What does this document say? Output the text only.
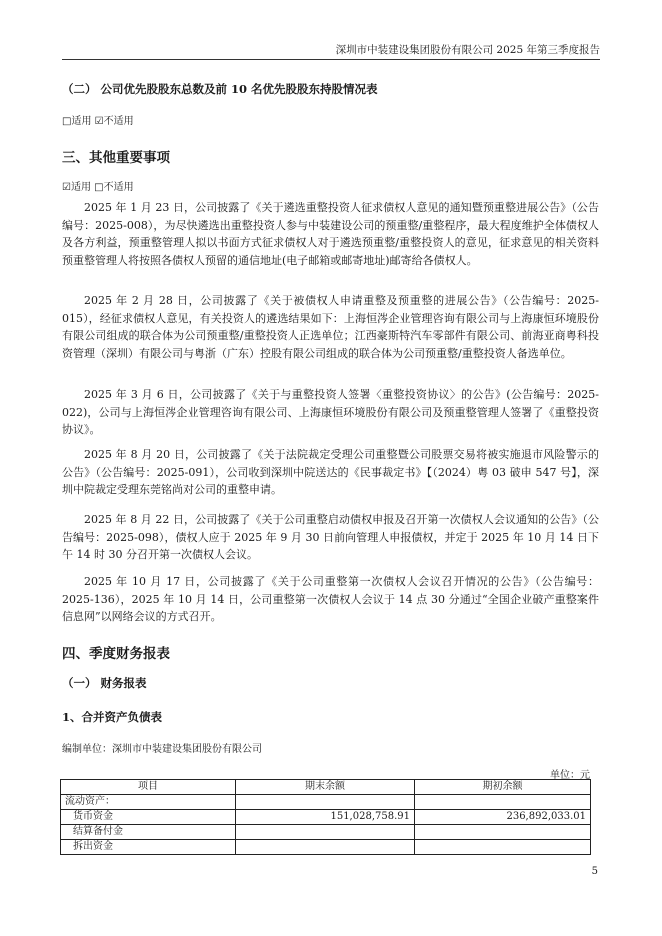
深圳市中装建设集团股份有限公司 2025 年第三季度报告
（二） 公司优先股股东总数及前 10 名优先股股东持股情况表
□适用 ☑不适用
三、其他重要事项
☑适用 □不适用
2025 年 1 月 23 日，公司披露了《关于遴选重整投资人征求债权人意见的通知暨预重整进展公告》（公告编号：2025-008），为尽快遴选出重整投资人参与中装建设公司的预重整/重整程序，最大程度维护全体债权人及各方利益，预重整管理人拟以书面方式征求债权人对于遴选预重整/重整投资人的意见，征求意见的相关资料预重整管理人将按照各债权人预留的通信地址(电子邮箱或邮寄地址)邮寄给各债权人。
2025 年 2 月 28 日，公司披露了《关于被债权人申请重整及预重整的进展公告》（公告编号：2025-015），经征求债权人意见，有关投资人的遴选结果如下：上海恒涔企业管理咨询有限公司与上海康恒环境股份有限公司组成的联合体为公司预重整/重整投资人正选单位；江西豪斯特汽车零部件有限公司、前海亚商粤科投资管理（深圳）有限公司与粤浙（广东）控股有限公司组成的联合体为公司预重整/重整投资人备选单位。
2025 年 3 月 6 日，公司披露了《关于与重整投资人签署〈重整投资协议〉的公告》(公告编号：2025-022)，公司与上海恒涔企业管理咨询有限公司、上海康恒环境股份有限公司及预重整管理人签署了《重整投资协议》。
2025 年 8 月 20 日，公司披露了《关于法院裁定受理公司重整暨公司股票交易将被实施退市风险警示的公告》（公告编号：2025-091），公司收到深圳中院送达的《民事裁定书》【（2024）粤 03 破申 547 号】，深圳中院裁定受理东莞铭尚对公司的重整申请。
2025 年 8 月 22 日，公司披露了《关于公司重整启动债权申报及召开第一次债权人会议通知的公告》（公告编号：2025-098），债权人应于 2025 年 9 月 30 日前向管理人申报债权，并定于 2025 年 10 月 14 日下午 14 时 30 分召开第一次债权人会议。
2025 年 10 月 17 日，公司披露了《关于公司重整第一次债权人会议召开情况的公告》（公告编号：2025-136），2025 年 10 月 14 日，公司重整第一次债权人会议于 14 点 30 分通过“全国企业破产重整案件信息网”以网络会议的方式召开。
四、季度财务报表
（一） 财务报表
1、合并资产负债表
编制单位：深圳市中装建设集团股份有限公司
单位：元
项目	期末余额	期初余额
流动资产：		
货币资金	151,028,758.91	236,892,033.01
结算备付金		
拆出资金		
5
